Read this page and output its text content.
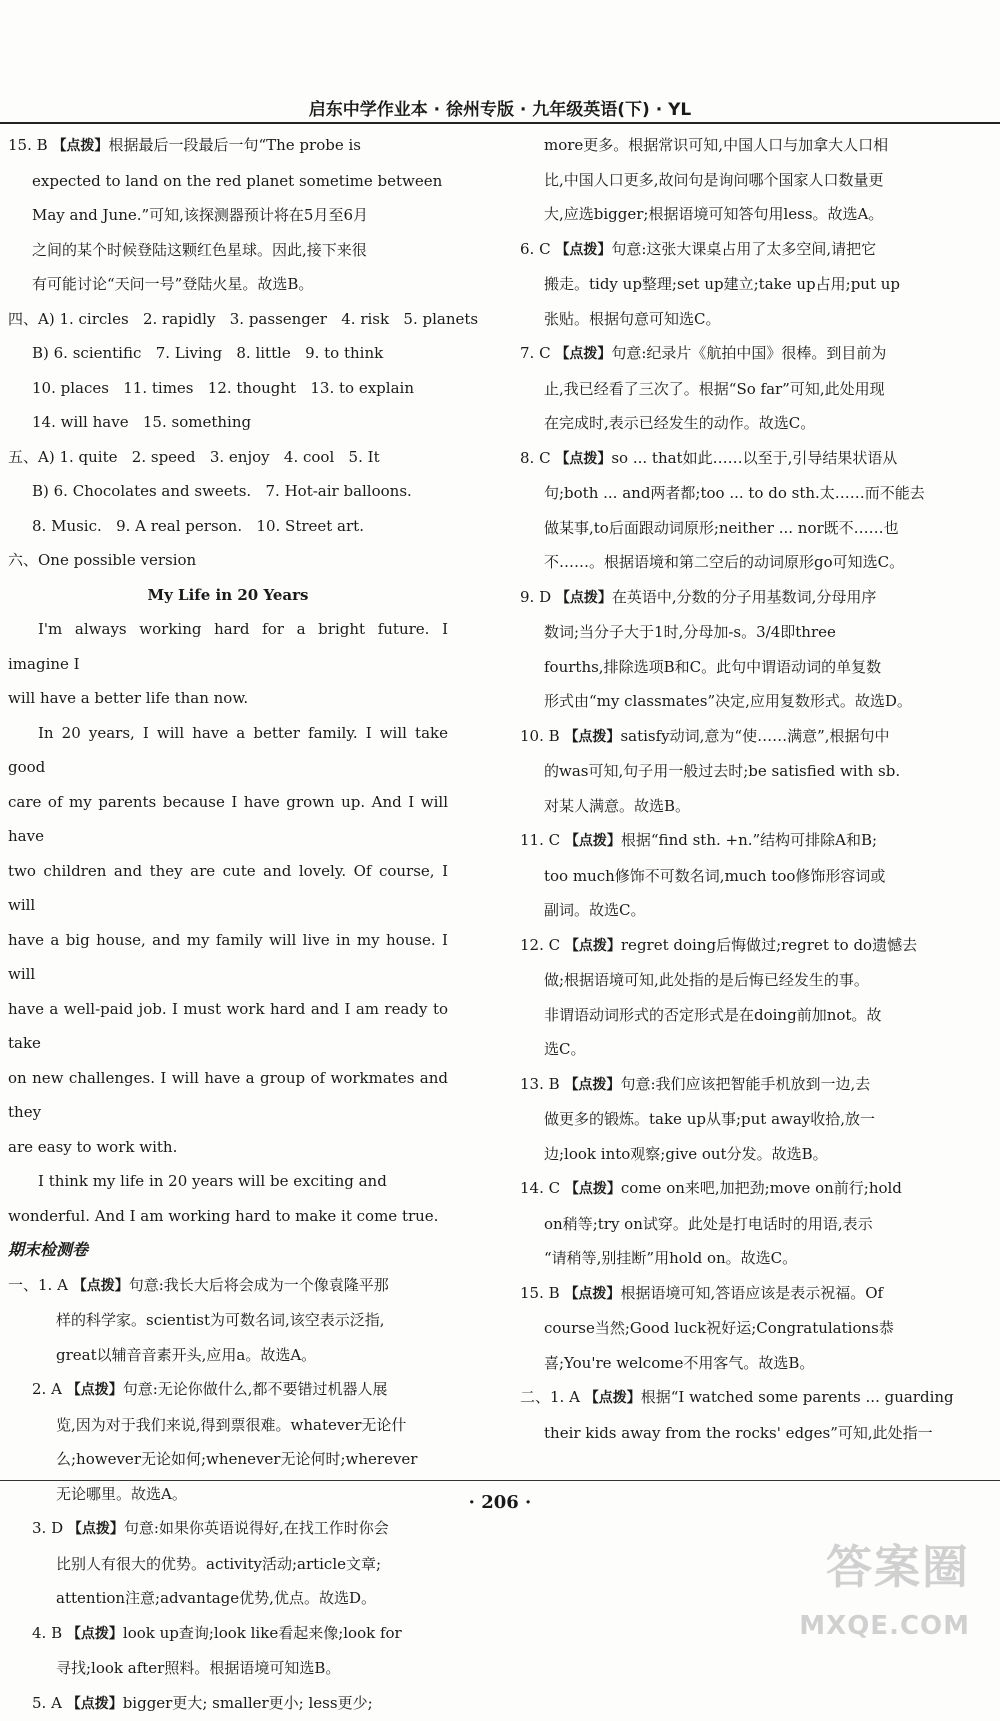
启东中学作业本 · 徐州专版 · 九年级英语(下) · YL

15. B 【点拨】根据最后一段最后一句“The probe is

expected to land on the red planet sometime between

May and June.”可知,该探测器预计将在5月至6月

之间的某个时候登陆这颗红色星球。因此,接下来很

有可能讨论“天问一号”登陆火星。故选B。

四、A) 1. circles   2. rapidly   3. passenger   4. risk   5. planets

B) 6. scientific   7. Living   8. little   9. to think

10. places   11. times   12. thought   13. to explain

14. will have   15. something

五、A) 1. quite   2. speed   3. enjoy   4. cool   5. It

B) 6. Chocolates and sweets.   7. Hot-air balloons.

8. Music.   9. A real person.   10. Street art.

六、One possible version

My Life in 20 Years

I'm always working hard for a bright future. I imagine I

will have a better life than now.

In 20 years, I will have a better family. I will take good

care of my parents because I have grown up. And I will have

two children and they are cute and lovely. Of course, I will

have a big house, and my family will live in my house. I will

have a well-paid job. I must work hard and I am ready to take

on new challenges. I will have a group of workmates and they

are easy to work with.

I think my life in 20 years will be exciting and

wonderful. And I am working hard to make it come true.

期末检测卷

一、1. A 【点拨】句意:我长大后将会成为一个像袁隆平那

样的科学家。scientist为可数名词,该空表示泛指,

great以辅音音素开头,应用a。故选A。

2. A 【点拨】句意:无论你做什么,都不要错过机器人展

览,因为对于我们来说,得到票很难。whatever无论什

么;however无论如何;whenever无论何时;wherever

无论哪里。故选A。

3. D 【点拨】句意:如果你英语说得好,在找工作时你会

比别人有很大的优势。activity活动;article文章;

attention注意;advantage优势,优点。故选D。

4. B 【点拨】look up查询;look like看起来像;look for

寻找;look after照料。根据语境可知选B。

5. A 【点拨】bigger更大; smaller更小; less更少;

more更多。根据常识可知,中国人口与加拿大人口相

比,中国人口更多,故问句是询问哪个国家人口数量更

大,应选bigger;根据语境可知答句用less。故选A。

6. C 【点拨】句意:这张大课桌占用了太多空间,请把它

搬走。tidy up整理;set up建立;take up占用;put up

张贴。根据句意可知选C。

7. C 【点拨】句意:纪录片《航拍中国》很棒。到目前为

止,我已经看了三次了。根据“So far”可知,此处用现

在完成时,表示已经发生的动作。故选C。

8. C 【点拨】so ... that如此……以至于,引导结果状语从

句;both ... and两者都;too ... to do sth.太……而不能去

做某事,to后面跟动词原形;neither ... nor既不……也

不……。根据语境和第二空后的动词原形go可知选C。

9. D 【点拨】在英语中,分数的分子用基数词,分母用序

数词;当分子大于1时,分母加-s。3/4即three

fourths,排除选项B和C。此句中谓语动词的单复数

形式由“my classmates”决定,应用复数形式。故选D。

10. B 【点拨】satisfy动词,意为“使……满意”,根据句中

的was可知,句子用一般过去时;be satisfied with sb.

对某人满意。故选B。

11. C 【点拨】根据“find sth. +n.”结构可排除A和B;

too much修饰不可数名词,much too修饰形容词或

副词。故选C。

12. C 【点拨】regret doing后悔做过;regret to do遗憾去

做;根据语境可知,此处指的是后悔已经发生的事。

非谓语动词形式的否定形式是在doing前加not。故

选C。

13. B 【点拨】句意:我们应该把智能手机放到一边,去

做更多的锻炼。take up从事;put away收拾,放一

边;look into观察;give out分发。故选B。

14. C 【点拨】come on来吧,加把劲;move on前行;hold

on稍等;try on试穿。此处是打电话时的用语,表示

“请稍等,别挂断”用hold on。故选C。

15. B 【点拨】根据语境可知,答语应该是表示祝福。Of

course当然;Good luck祝好运;Congratulations恭

喜;You're welcome不用客气。故选B。

二、1. A 【点拨】根据“I watched some parents ... guarding

their kids away from the rocks' edges”可知,此处指一

· 206 ·
答案圈
MXQE.COM
